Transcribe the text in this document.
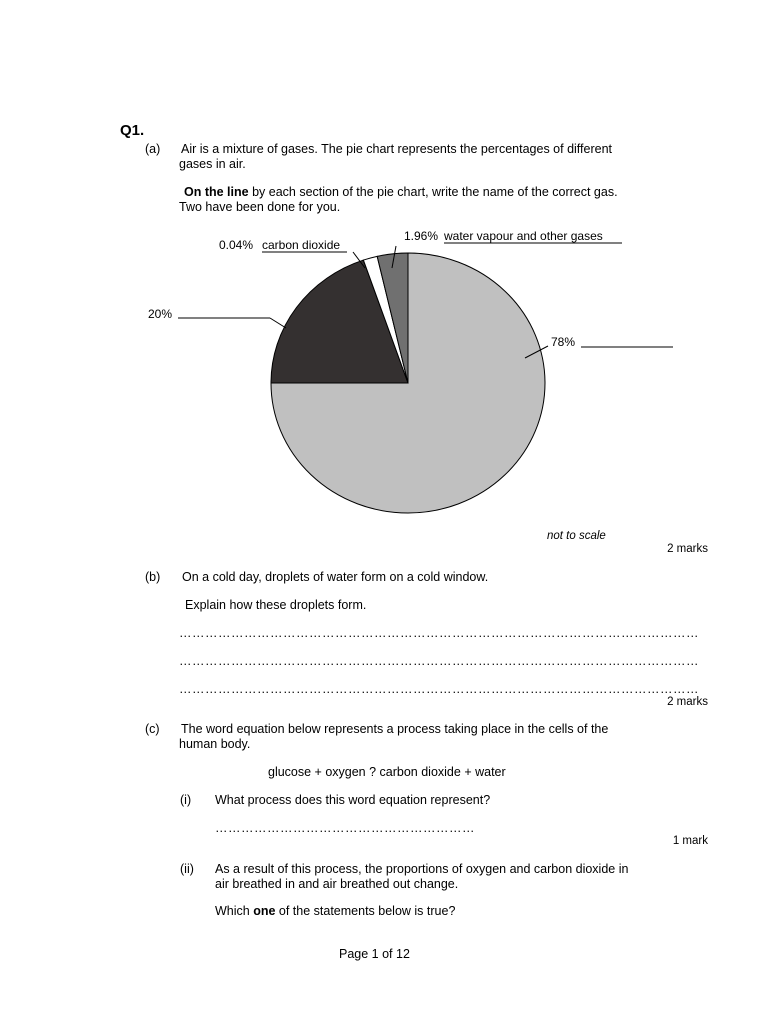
Q1.
(a) Air is a mixture of gases. The pie chart represents the percentages of different
gases in air.
On the line by each section of the pie chart, write the name of the correct gas.
Two have been done for you.
0.04% carbon dioxide
1.96% water vapour and other gases
20%
78%
not to scale
2 marks
(b) On a cold day, droplets of water form on a cold window.
Explain how these droplets form.
…………………………………………………………………………………………………………
…………………………………………………………………………………………………………
…………………………………………………………………………………………………………
2 marks
(c) The word equation below represents a process taking place in the cells of the
human body.
glucose + oxygen ? carbon dioxide + water
(i) What process does this word equation represent?
……………………………………………………
1 mark
(ii) As a result of this process, the proportions of oxygen and carbon dioxide in
air breathed in and air breathed out change.
Which one of the statements below is true?
Page 1 of 12
